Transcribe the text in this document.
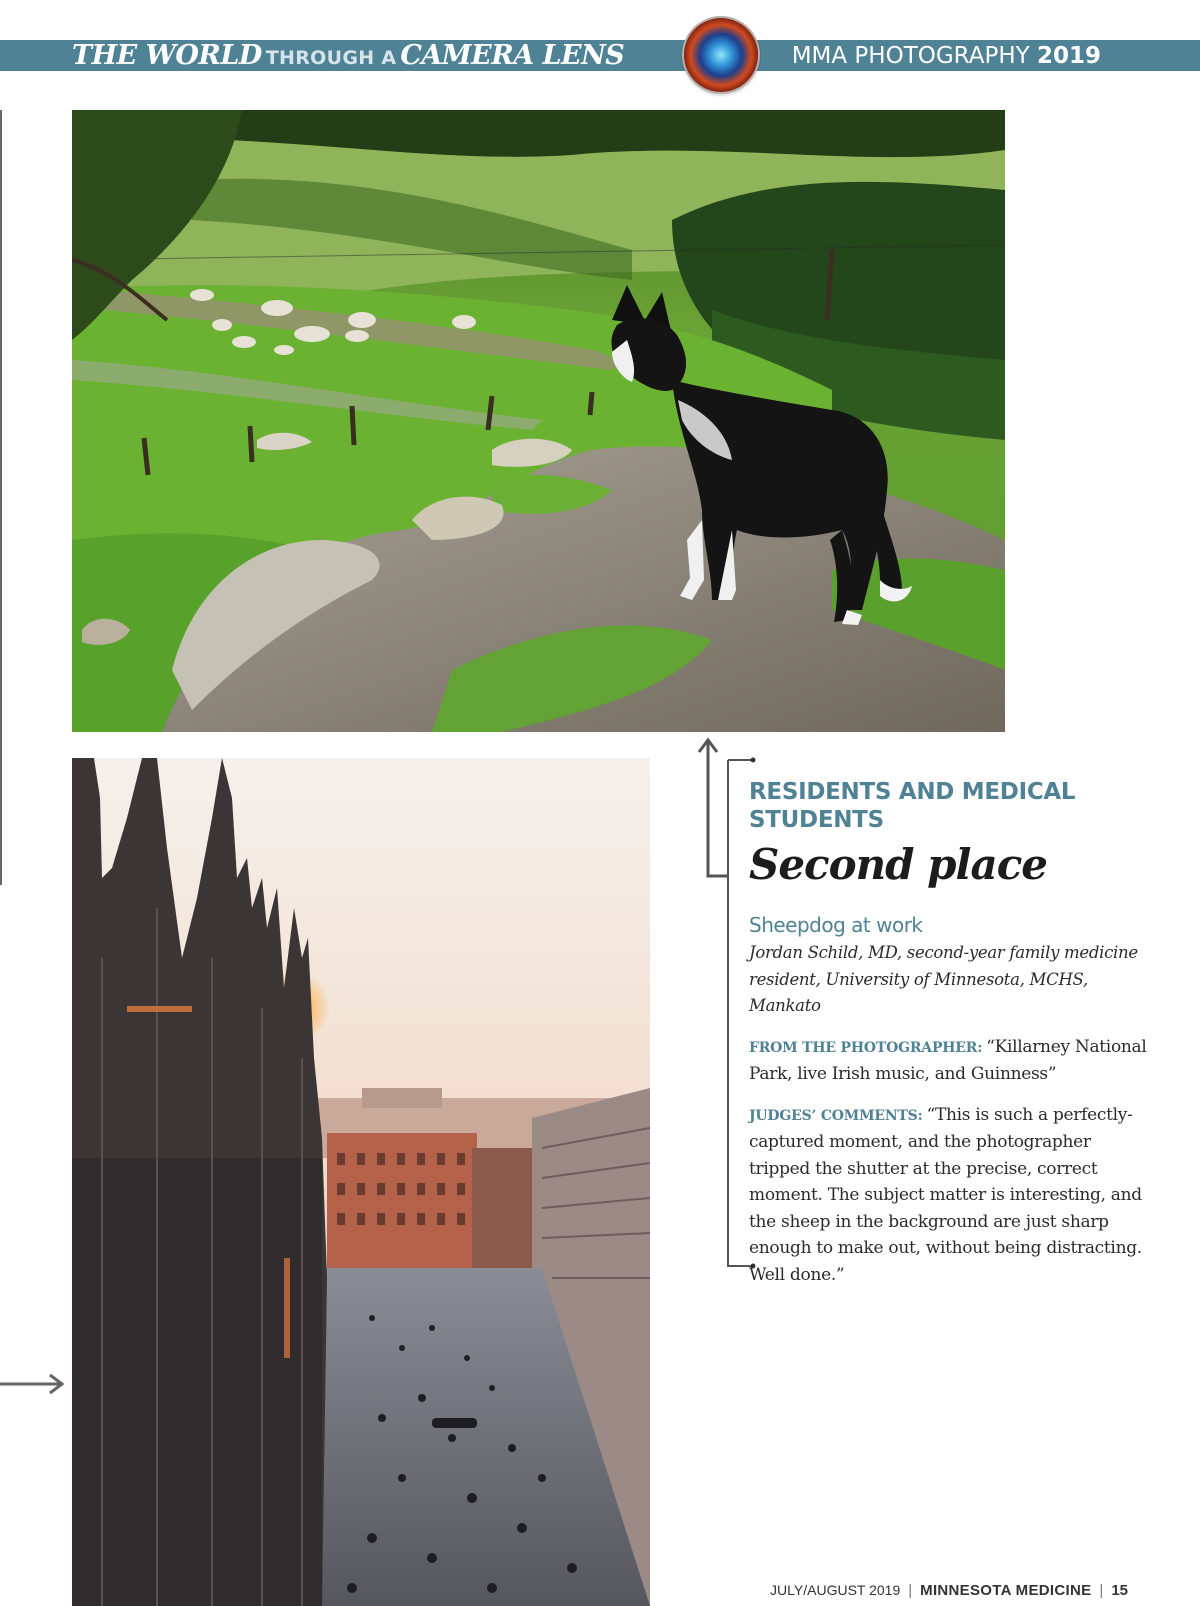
THE WORLD THROUGH A CAMERA LENS	MMA PHOTOGRAPHY 2019
RESIDENTS AND MEDICAL STUDENTS
Second place
Sheepdog at work

Jordan Schild, MD, second-year family medicine resident, University of Minnesota, MCHS, Mankato

FROM THE PHOTOGRAPHER: “Killarney National Park, live Irish music, and Guinness”

JUDGES’ COMMENTS: “This is such a perfectly-captured moment, and the photographer tripped the shutter at the precise, correct moment. The subject matter is interesting, and the sheep in the background are just sharp enough to make out, without being distracting. Well done.”

JULY/AUGUST 2019 | MINNESOTA MEDICINE | 15
